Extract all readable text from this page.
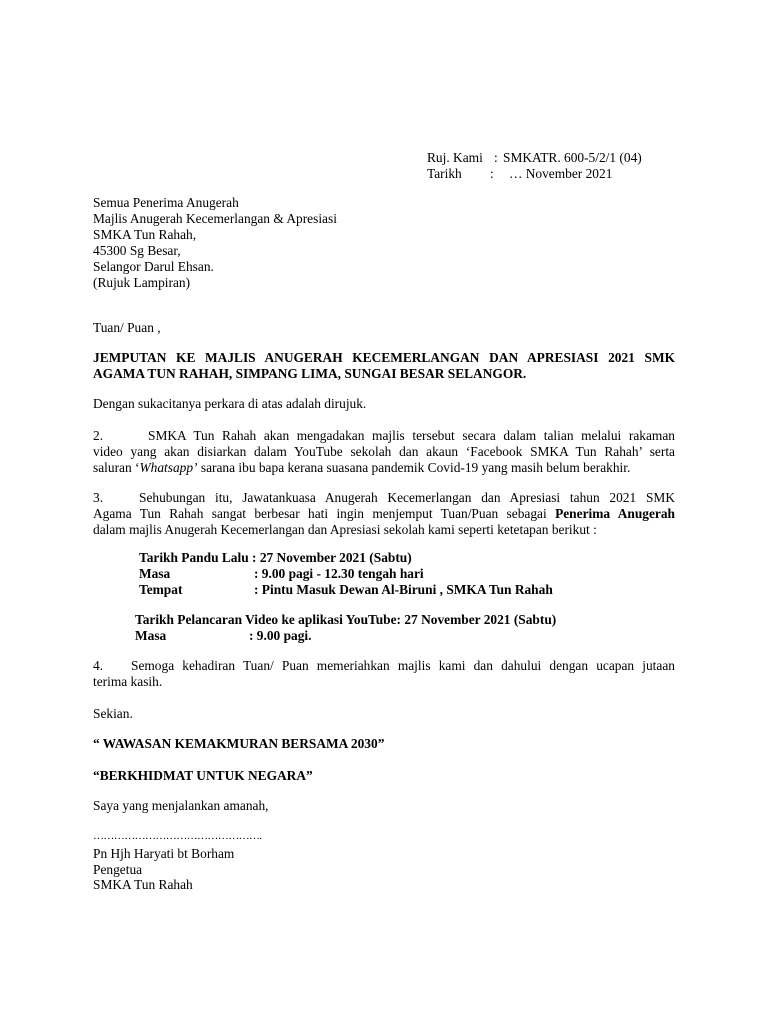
Ruj. Kami : SMKATR. 600-5/2/1 (04)
Tarikh : … November 2021
Semua Penerima Anugerah
Majlis Anugerah Kecemerlangan & Apresiasi
SMKA Tun Rahah,
45300 Sg Besar,
Selangor Darul Ehsan.
(Rujuk Lampiran)
Tuan/ Puan ,
JEMPUTAN KE MAJLIS ANUGERAH KECEMERLANGAN DAN APRESIASI 2021 SMK
AGAMA TUN RAHAH, SIMPANG LIMA, SUNGAI BESAR SELANGOR.
Dengan sukacitanya perkara di atas adalah dirujuk.
2.	SMKA Tun Rahah akan mengadakan majlis tersebut secara dalam talian melalui rakaman
video yang akan disiarkan dalam YouTube sekolah dan akaun ‘Facebook SMKA Tun Rahah’ serta
saluran ‘Whatsapp’ sarana ibu bapa kerana suasana pandemik Covid-19 yang masih belum berakhir.
3.	Sehubungan itu, Jawatankuasa Anugerah Kecemerlangan dan Apresiasi tahun 2021 SMK
Agama Tun Rahah sangat berbesar hati ingin menjemput Tuan/Puan sebagai Penerima Anugerah
dalam majlis Anugerah Kecemerlangan dan Apresiasi sekolah kami seperti ketetapan berikut :
Tarikh Pandu Lalu : 27 November 2021 (Sabtu)
Masa	: 9.00 pagi - 12.30 tengah hari
Tempat	: Pintu Masuk Dewan Al-Biruni , SMKA Tun Rahah
Tarikh Pelancaran Video ke aplikasi YouTube: 27 November 2021 (Sabtu)
Masa	: 9.00 pagi.
4. Semoga kehadiran Tuan/ Puan memeriahkan majlis kami dan dahului dengan ucapan jutaan
terima kasih.
Sekian.
“ WAWASAN KEMAKMURAN BERSAMA 2030”
“BERKHIDMAT UNTUK NEGARA”
Saya yang menjalankan amanah,
………………………………………….
Pn Hjh Haryati bt Borham
Pengetua
SMKA Tun Rahah
